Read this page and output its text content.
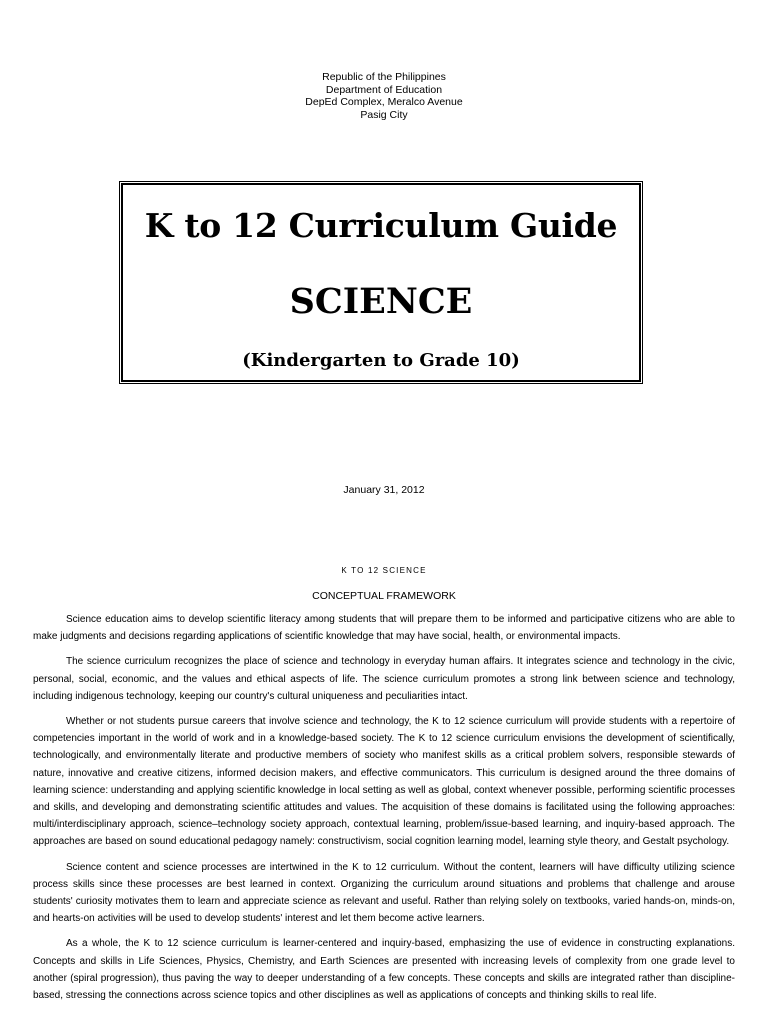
Republic of the Philippines
Department of Education
DepEd Complex, Meralco Avenue
Pasig City
K to 12 Curriculum Guide
SCIENCE
(Kindergarten to Grade 10)
January 31, 2012
K TO 12 SCIENCE
CONCEPTUAL FRAMEWORK

Science education aims to develop scientific literacy among students that will prepare them to be informed and participative citizens who are able to make judgments and decisions regarding applications of scientific knowledge that may have social, health, or environmental impacts.

The science curriculum recognizes the place of science and technology in everyday human affairs. It integrates science and technology in the civic, personal, social, economic, and the values and ethical aspects of life. The science curriculum promotes a strong link between science and technology, including indigenous technology, keeping our country's cultural uniqueness and peculiarities intact.

Whether or not students pursue careers that involve science and technology, the K to 12 science curriculum will provide students with a repertoire of competencies important in the world of work and in a knowledge-based society. The K to 12 science curriculum envisions the development of scientifically, technologically, and environmentally literate and productive members of society who manifest skills as a critical problem solvers, responsible stewards of nature, innovative and creative citizens, informed decision makers, and effective communicators. This curriculum is designed around the three domains of learning science: understanding and applying scientific knowledge in local setting as well as global, context whenever possible, performing scientific processes and skills, and developing and demonstrating scientific attitudes and values. The acquisition of these domains is facilitated using the following approaches: multi/interdisciplinary approach, science–technology society approach, contextual learning, problem/issue-based learning, and inquiry-based approach. The approaches are based on sound educational pedagogy namely: constructivism, social cognition learning model, learning style theory, and Gestalt psychology.

Science content and science processes are intertwined in the K to 12 curriculum. Without the content, learners will have difficulty utilizing science process skills since these processes are best learned in context. Organizing the curriculum around situations and problems that challenge and arouse students' curiosity motivates them to learn and appreciate science as relevant and useful. Rather than relying solely on textbooks, varied hands-on, minds-on, and hearts-on activities will be used to develop students' interest and let them become active learners.

As a whole, the K to 12 science curriculum is learner-centered and inquiry-based, emphasizing the use of evidence in constructing explanations. Concepts and skills in Life Sciences, Physics, Chemistry, and Earth Sciences are presented with increasing levels of complexity from one grade level to another (spiral progression), thus paving the way to deeper understanding of a few concepts. These concepts and skills are integrated rather than discipline-based, stressing the connections across science topics and other disciplines as well as applications of concepts and thinking skills to real life.
